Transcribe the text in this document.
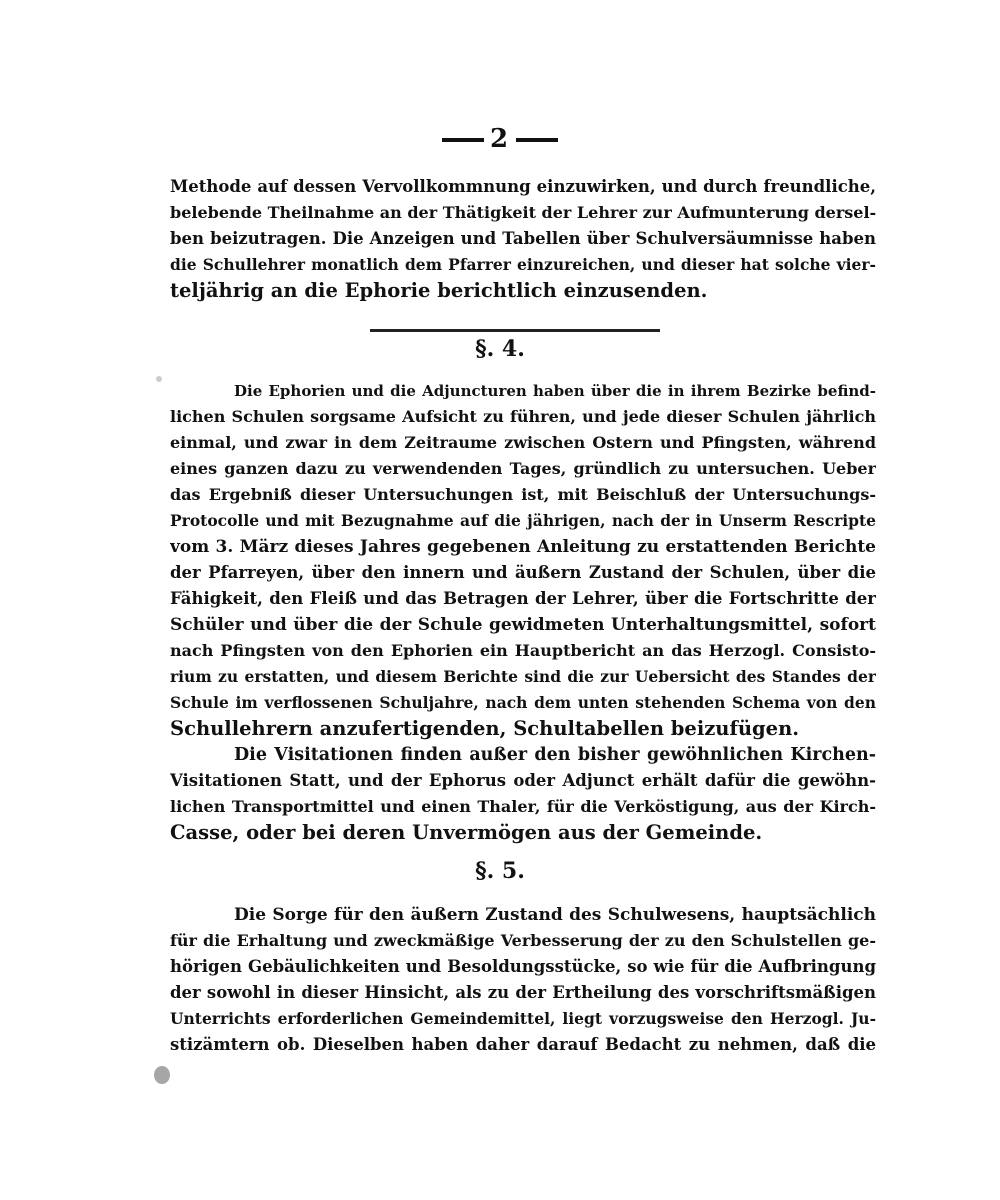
2
Methode auf dessen Vervollkommnung einzuwirken, und durch freundliche,
belebende Theilnahme an der Thätigkeit der Lehrer zur Aufmunterung dersel-
ben beizutragen. Die Anzeigen und Tabellen über Schulversäumnisse haben
die Schullehrer monatlich dem Pfarrer einzureichen, und dieser hat solche vier-
teljährig an die Ephorie berichtlich einzusenden.
§. 4.
Die Ephorien und die Adjuncturen haben über die in ihrem Bezirke befind-
lichen Schulen sorgsame Aufsicht zu führen, und jede dieser Schulen jährlich
einmal, und zwar in dem Zeitraume zwischen Ostern und Pfingsten, während
eines ganzen dazu zu verwendenden Tages, gründlich zu untersuchen. Ueber
das Ergebniß dieser Untersuchungen ist, mit Beischluß der Untersuchungs-
Protocolle und mit Bezugnahme auf die jährigen, nach der in Unserm Rescripte
vom 3. März dieses Jahres gegebenen Anleitung zu erstattenden Berichte
der Pfarreyen, über den innern und äußern Zustand der Schulen, über die
Fähigkeit, den Fleiß und das Betragen der Lehrer, über die Fortschritte der
Schüler und über die der Schule gewidmeten Unterhaltungsmittel, sofort
nach Pfingsten von den Ephorien ein Hauptbericht an das Herzogl. Consisto-
rium zu erstatten, und diesem Berichte sind die zur Uebersicht des Standes der
Schule im verflossenen Schuljahre, nach dem unten stehenden Schema von den
Schullehrern anzufertigenden, Schultabellen beizufügen.
Die Visitationen finden außer den bisher gewöhnlichen Kirchen-
Visitationen Statt, und der Ephorus oder Adjunct erhält dafür die gewöhn-
lichen Transportmittel und einen Thaler, für die Verköstigung, aus der Kirch-
Casse, oder bei deren Unvermögen aus der Gemeinde.
§. 5.
Die Sorge für den äußern Zustand des Schulwesens, hauptsächlich
für die Erhaltung und zweckmäßige Verbesserung der zu den Schulstellen ge-
hörigen Gebäulichkeiten und Besoldungsstücke, so wie für die Aufbringung
der sowohl in dieser Hinsicht, als zu der Ertheilung des vorschriftsmäßigen
Unterrichts erforderlichen Gemeindemittel, liegt vorzugsweise den Herzogl. Ju-
stizämtern ob. Dieselben haben daher darauf Bedacht zu nehmen, daß die
